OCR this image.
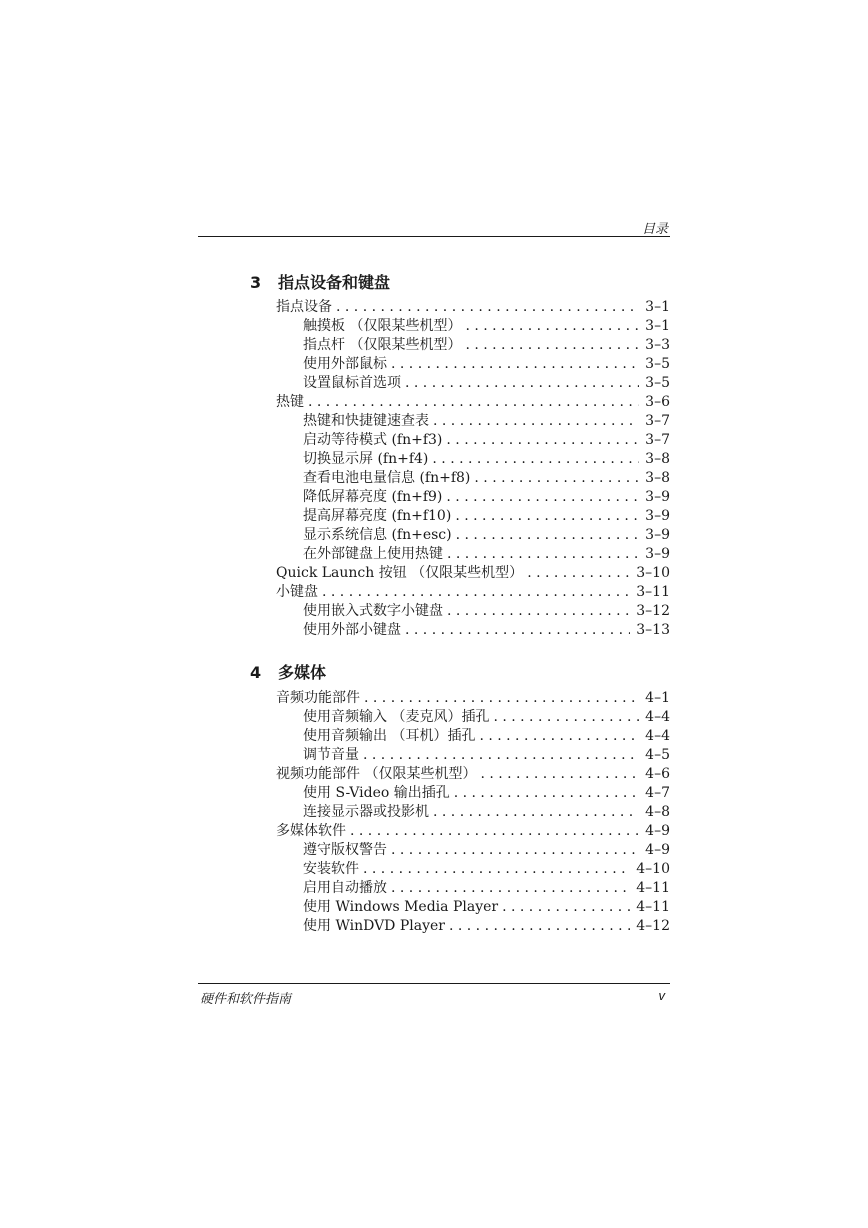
目录
3 指点设备和键盘
指点设备 . . .	3–1
触摸板 （仅限某些机型） . . .	3–1
指点杆 （仅限某些机型） . . .	3–3
使用外部鼠标 . . .	3–5
设置鼠标首选项 . . .	3–5
热键 . . .	3–6
热键和快捷键速查表 . . .	3–7
启动等待模式 (fn+f3) . . .	3–7
切换显示屏 (fn+f4) . . .	3–8
查看电池电量信息 (fn+f8) . . .	3–8
降低屏幕亮度 (fn+f9) . . .	3–9
提高屏幕亮度 (fn+f10) . . .	3–9
显示系统信息 (fn+esc) . . .	3–9
在外部键盘上使用热键 . . .	3–9
Quick Launch 按钮 （仅限某些机型） . . .	3–10
小键盘 . . .	3–11
使用嵌入式数字小键盘 . . .	3–12
使用外部小键盘 . . .	3–13
4 多媒体
音频功能部件 . . .	4–1
使用音频输入 （麦克风）插孔 . . .	4–4
使用音频输出 （耳机）插孔 . . .	4–4
调节音量 . . .	4–5
视频功能部件 （仅限某些机型） . . .	4–6
使用 S-Video 输出插孔 . . .	4–7
连接显示器或投影机 . . .	4–8
多媒体软件 . . .	4–9
遵守版权警告 . . .	4–9
安装软件 . . .	4–10
启用自动播放 . . .	4–11
使用 Windows Media Player . . .	4–11
使用 WinDVD Player . . .	4–12
硬件和软件指南	v
